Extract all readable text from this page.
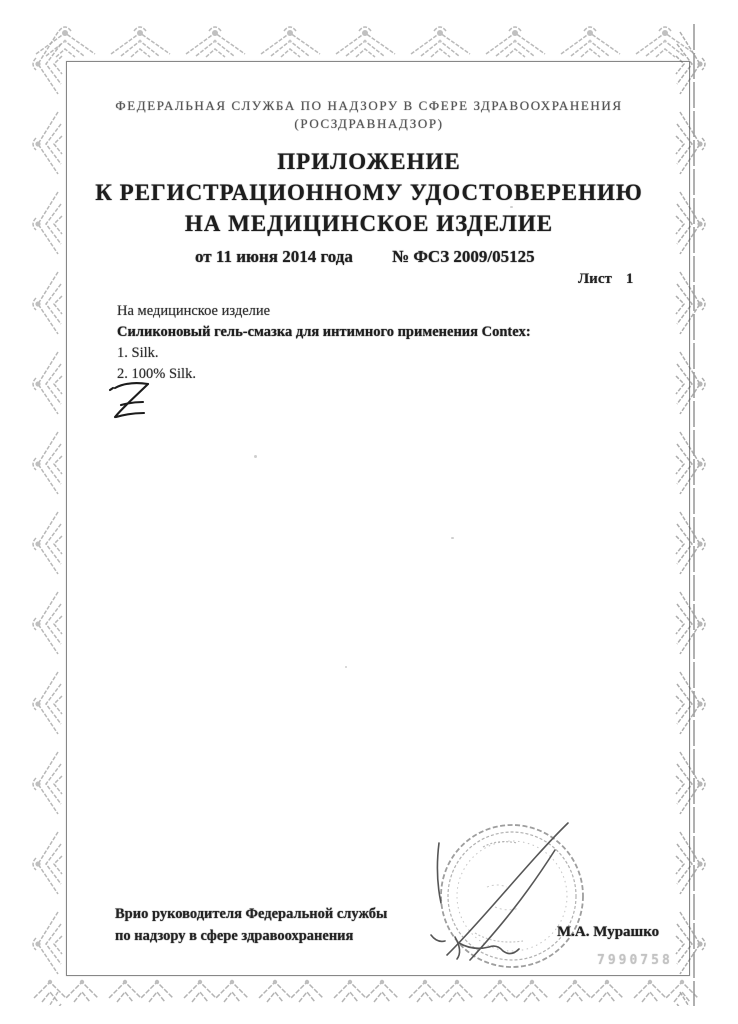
ФЕДЕРАЛЬНАЯ СЛУЖБА ПО НАДЗОРУ В СФЕРЕ ЗДРАВООХРАНЕНИЯ
(РОСЗДРАВНАДЗОР)
ПРИЛОЖЕНИЕ
К РЕГИСТРАЦИОННОМУ УДОСТОВЕРЕНИЮ
НА МЕДИЦИНСКОЕ ИЗДЕЛИЕ
от 11 июня 2014 года № ФСЗ 2009/05125
Лист 1
На медицинское изделие
Силиконовый гель-смазка для интимного применения Contex:
1. Silk.
2. 100% Silk.
Врио руководителя Федеральной службы
по надзору в сфере здравоохранения	М.А. Мурашко
7990758
